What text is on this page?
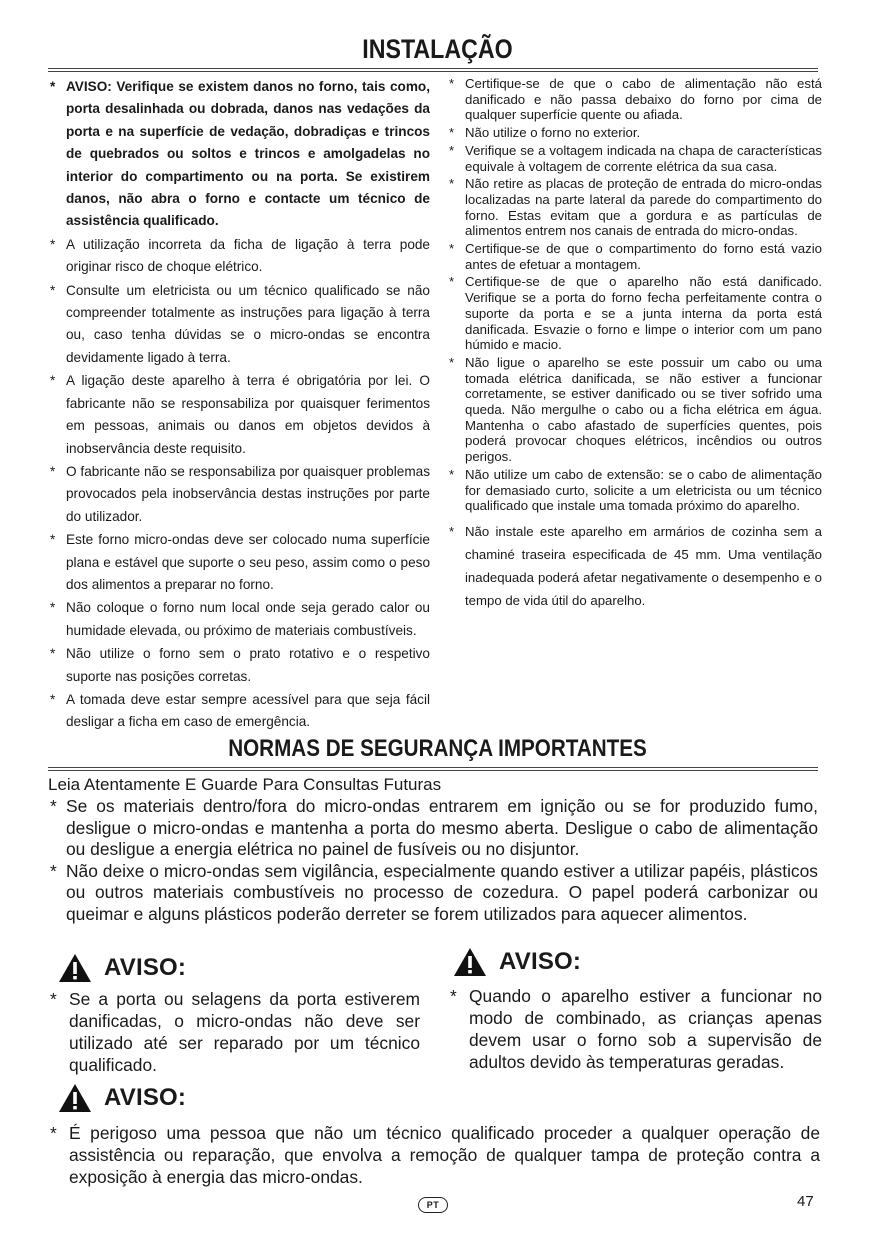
INSTALAÇÃO
* AVISO: Verifique se existem danos no forno, tais como, porta desalinhada ou dobrada, danos nas vedações da porta e na superfície de vedação, dobradiças e trincos de quebrados ou soltos e trincos e amolgadelas no interior do compartimento ou na porta. Se existirem danos, não abra o forno e contacte um técnico de assistência qualificado.
* A utilização incorreta da ficha de ligação à terra pode originar risco de choque elétrico.
* Consulte um eletricista ou um técnico qualificado se não compreender totalmente as instruções para ligação à terra ou, caso tenha dúvidas se o micro-ondas se encontra devidamente ligado à terra.
* A ligação deste aparelho à terra é obrigatória por lei. O fabricante não se responsabiliza por quaisquer ferimentos em pessoas, animais ou danos em objetos devidos à inobservância deste requisito.
* O fabricante não se responsabiliza por quaisquer problemas provocados pela inobservância destas instruções por parte do utilizador.
* Este forno micro-ondas deve ser colocado numa superfície plana e estável que suporte o seu peso, assim como o peso dos alimentos a preparar no forno.
* Não coloque o forno num local onde seja gerado calor ou humidade elevada, ou próximo de materiais combustíveis.
* Não utilize o forno sem o prato rotativo e o respetivo suporte nas posições corretas.
* A tomada deve estar sempre acessível para que seja fácil desligar a ficha em caso de emergência.
* Certifique-se de que o cabo de alimentação não está danificado e não passa debaixo do forno por cima de qualquer superfície quente ou afiada.
* Não utilize o forno no exterior.
* Verifique se a voltagem indicada na chapa de características equivale à voltagem de corrente elétrica da sua casa.
* Não retire as placas de proteção de entrada do micro-ondas localizadas na parte lateral da parede do compartimento do forno. Estas evitam que a gordura e as partículas de alimentos entrem nos canais de entrada do micro-ondas.
* Certifique-se de que o compartimento do forno está vazio antes de efetuar a montagem.
* Certifique-se de que o aparelho não está danificado. Verifique se a porta do forno fecha perfeitamente contra o suporte da porta e se a junta interna da porta está danificada. Esvazie o forno e limpe o interior com um pano húmido e macio.
* Não ligue o aparelho se este possuir um cabo ou uma tomada elétrica danificada, se não estiver a funcionar corretamente, se estiver danificado ou se tiver sofrido uma queda. Não mergulhe o cabo ou a ficha elétrica em água. Mantenha o cabo afastado de superfícies quentes, pois poderá provocar choques elétricos, incêndios ou outros perigos.
* Não utilize um cabo de extensão: se o cabo de alimentação for demasiado curto, solicite a um eletricista ou um técnico qualificado que instale uma tomada próximo do aparelho.
* Não instale este aparelho em armários de cozinha sem a chaminé traseira especificada de 45 mm. Uma ventilação inadequada poderá afetar negativamente o desempenho e o tempo de vida útil do aparelho.
NORMAS DE SEGURANÇA IMPORTANTES
Leia Atentamente E Guarde Para Consultas Futuras
* Se os materiais dentro/fora do micro-ondas entrarem em ignição ou se for produzido fumo, desligue o micro-ondas e mantenha a porta do mesmo aberta. Desligue o cabo de alimentação ou desligue a energia elétrica no painel de fusíveis ou no disjuntor.
* Não deixe o micro-ondas sem vigilância, especialmente quando estiver a utilizar papéis, plásticos ou outros materiais combustíveis no processo de cozedura. O papel poderá carbonizar ou queimar e alguns plásticos poderão derreter se forem utilizados para aquecer alimentos.
AVISO:
* Se a porta ou selagens da porta estiverem danificadas, o micro-ondas não deve ser utilizado até ser reparado por um técnico qualificado.
AVISO:
* Quando o aparelho estiver a funcionar no modo de combinado, as crianças apenas devem usar o forno sob a supervisão de adultos devido às temperaturas geradas.
AVISO:
* É perigoso uma pessoa que não um técnico qualificado proceder a qualquer operação de assistência ou reparação, que envolva a remoção de qualquer tampa de proteção contra a exposição à energia das micro-ondas.
PT	47
